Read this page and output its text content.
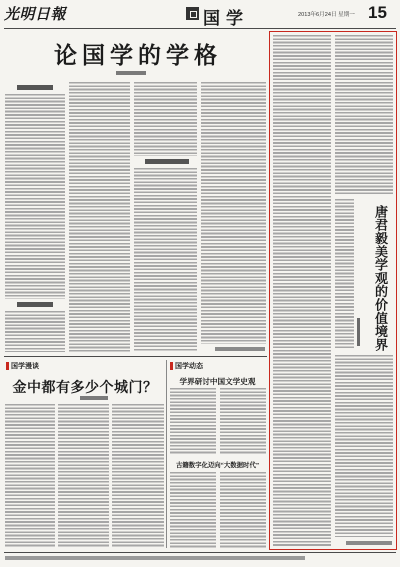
光明日報	国学	2013年6月24日 星期一 15
论国学的学格
国学漫谈
金中都有多少个城门？
国学动态
学界研讨中国文学史观
古籍数字化迈向“大数据时代”
唐君毅美学观的价值境界
